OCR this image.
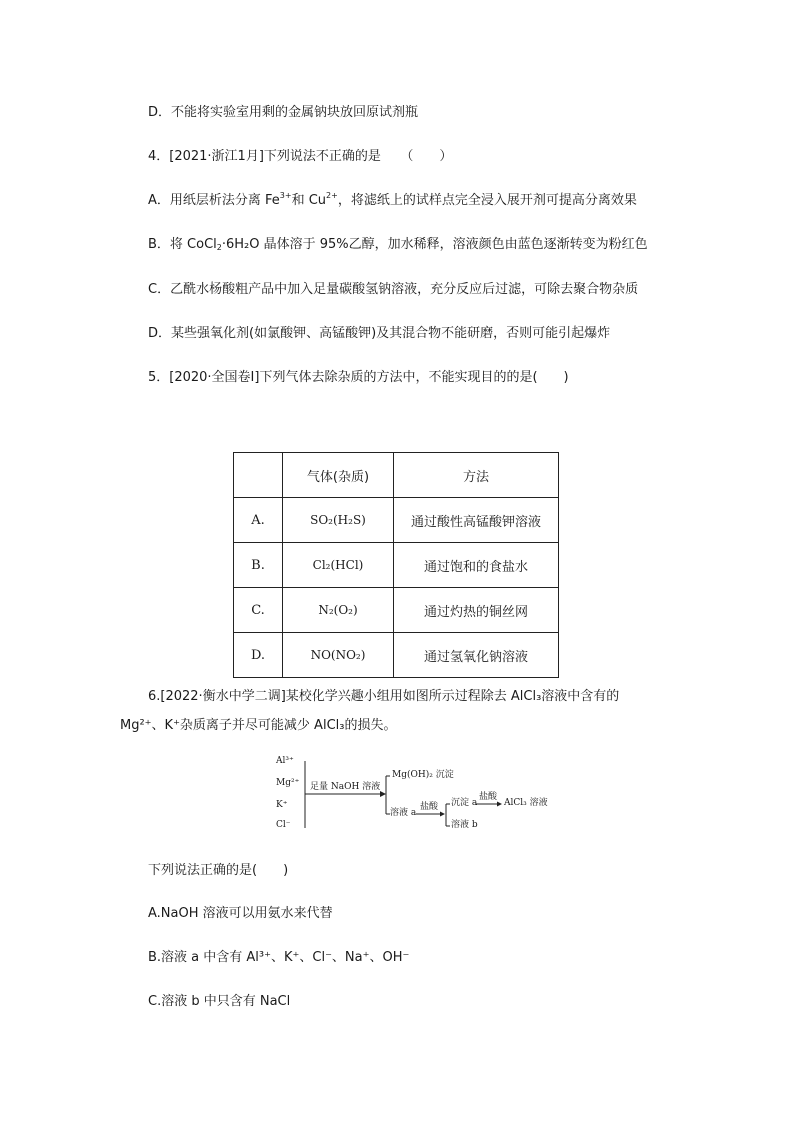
D．不能将实验室用剩的金属钠块放回原试剂瓶
4．[2021·浙江1月]下列说法不正确的是　　（　　）
A．用纸层析法分离 $Fe^{3+}$和 $Cu^{2+}$，将滤纸上的试样点完全浸入展开剂可提高分离效果
B．将 CoCl$_2$·6H₂O 晶体溶于 95%乙醇，加水稀释，溶液颜色由蓝色逐渐转变为粉红色
C．乙酰水杨酸粗产品中加入足量碳酸氢钠溶液，充分反应后过滤，可除去聚合物杂质
D．某些强氧化剂(如氯酸钾、高锰酸钾)及其混合物不能研磨，否则可能引起爆炸
5．[2020·全国卷Ⅰ]下列气体去除杂质的方法中，不能实现目的的是(　　)
	气体(杂质)	方法
A.	SO₂(H₂S)	通过酸性高锰酸钾溶液
B.	Cl₂(HCl)	通过饱和的食盐水
C.	N₂(O₂)	通过灼热的铜丝网
D.	NO(NO₂)	通过氢氧化钠溶液
6.[2022·衡水中学二调]某校化学兴趣小组用如图所示过程除去 AlCl₃溶液中含有的
Mg²⁺、K⁺杂质离子并尽可能减少 AlCl₃的损失。
Al³⁺
Mg²⁺
K⁺
Cl⁻
足量 NaOH 溶液
Mg(OH)₂ 沉淀
溶液 a
盐酸 沉淀 a
盐酸
AlCl₃ 溶液
溶液 b
下列说法正确的是(　　)
A.NaOH 溶液可以用氨水来代替
B.溶液 a 中含有 Al³⁺、K⁺、Cl⁻、Na⁺、OH⁻
C.溶液 b 中只含有 NaCl
